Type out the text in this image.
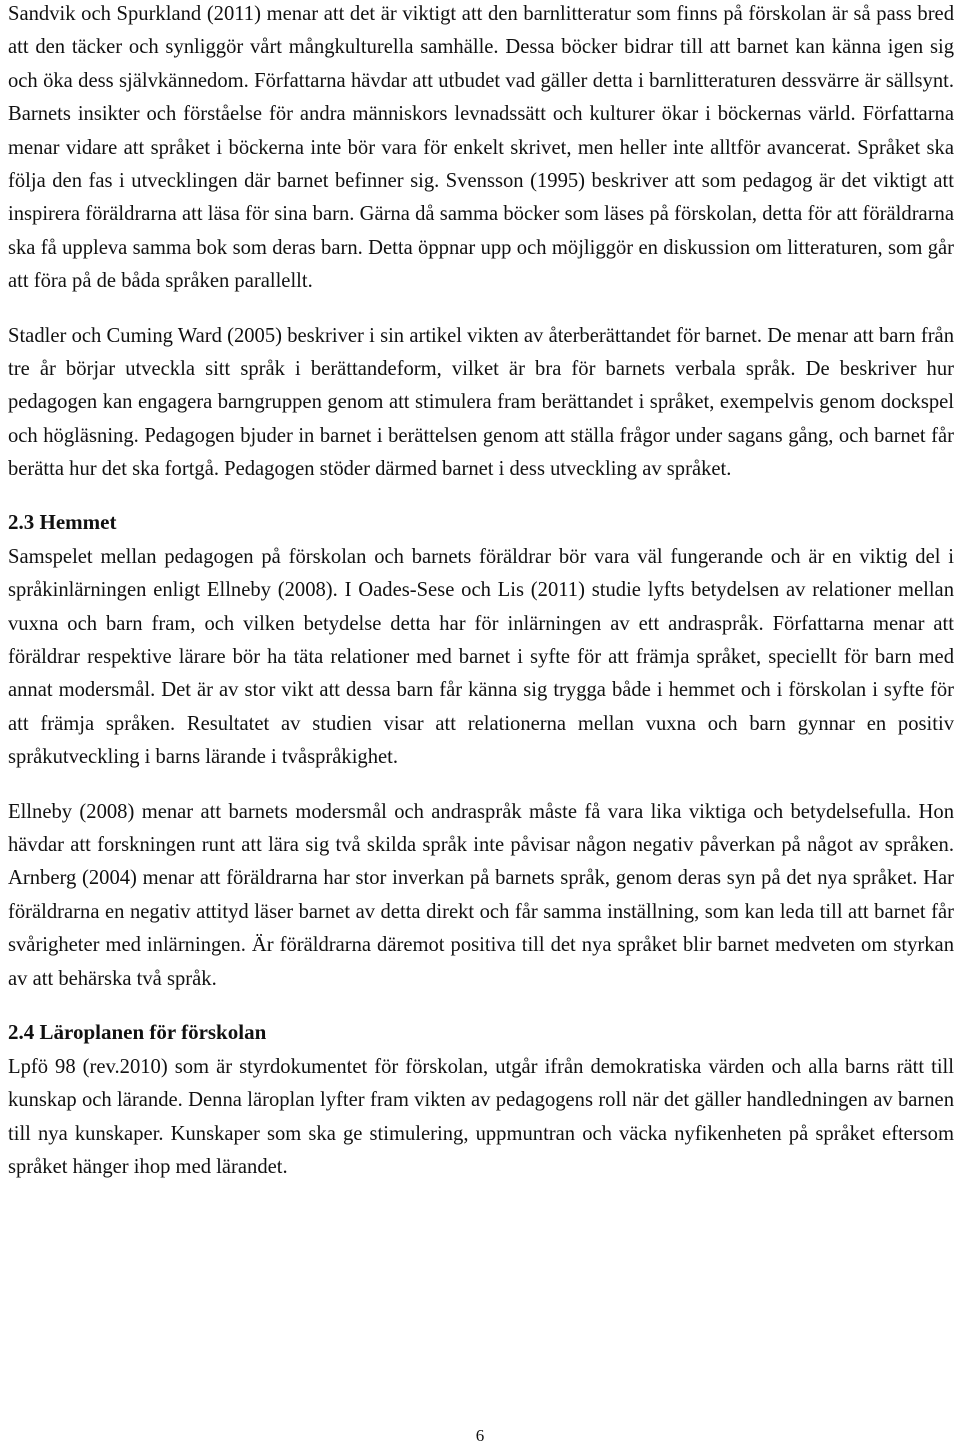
Sandvik och Spurkland (2011) menar att det är viktigt att den barnlitteratur som finns på förskolan är så pass bred att den täcker och synliggör vårt mångkulturella samhälle. Dessa böcker bidrar till att barnet kan känna igen sig och öka dess självkännedom. Författarna hävdar att utbudet vad gäller detta i barnlitteraturen dessvärre är sällsynt. Barnets insikter och förståelse för andra människors levnadssätt och kulturer ökar i böckernas värld. Författarna menar vidare att språket i böckerna inte bör vara för enkelt skrivet, men heller inte alltför avancerat. Språket ska följa den fas i utvecklingen där barnet befinner sig. Svensson (1995) beskriver att som pedagog är det viktigt att inspirera föräldrarna att läsa för sina barn. Gärna då samma böcker som läses på förskolan, detta för att föräldrarna ska få uppleva samma bok som deras barn. Detta öppnar upp och möjliggör en diskussion om litteraturen, som går att föra på de båda språken parallellt.

Stadler och Cuming Ward (2005) beskriver i sin artikel vikten av återberättandet för barnet. De menar att barn från tre år börjar utveckla sitt språk i berättandeform, vilket är bra för barnets verbala språk. De beskriver hur pedagogen kan engagera barngruppen genom att stimulera fram berättandet i språket, exempelvis genom dockspel och högläsning. Pedagogen bjuder in barnet i berättelsen genom att ställa frågor under sagans gång, och barnet får berätta hur det ska fortgå. Pedagogen stöder därmed barnet i dess utveckling av språket.

2.3 Hemmet

Samspelet mellan pedagogen på förskolan och barnets föräldrar bör vara väl fungerande och är en viktig del i språkinlärningen enligt Ellneby (2008). I Oades-Sese och Lis (2011) studie lyfts betydelsen av relationer mellan vuxna och barn fram, och vilken betydelse detta har för inlärningen av ett andraspråk. Författarna menar att föräldrar respektive lärare bör ha täta relationer med barnet i syfte för att främja språket, speciellt för barn med annat modersmål. Det är av stor vikt att dessa barn får känna sig trygga både i hemmet och i förskolan i syfte för att främja språken. Resultatet av studien visar att relationerna mellan vuxna och barn gynnar en positiv språkutveckling i barns lärande i tvåspråkighet.

Ellneby (2008) menar att barnets modersmål och andraspråk måste få vara lika viktiga och betydelsefulla. Hon hävdar att forskningen runt att lära sig två skilda språk inte påvisar någon negativ påverkan på något av språken. Arnberg (2004) menar att föräldrarna har stor inverkan på barnets språk, genom deras syn på det nya språket. Har föräldrarna en negativ attityd läser barnet av detta direkt och får samma inställning, som kan leda till att barnet får svårigheter med inlärningen. Är föräldrarna däremot positiva till det nya språket blir barnet medveten om styrkan av att behärska två språk.

2.4 Läroplanen för förskolan

Lpfö 98 (rev.2010) som är styrdokumentet för förskolan, utgår ifrån demokratiska värden och alla barns rätt till kunskap och lärande. Denna läroplan lyfter fram vikten av pedagogens roll när det gäller handledningen av barnen till nya kunskaper. Kunskaper som ska ge stimulering, uppmuntran och väcka nyfikenheten på språket eftersom språket hänger ihop med lärandet.

6
